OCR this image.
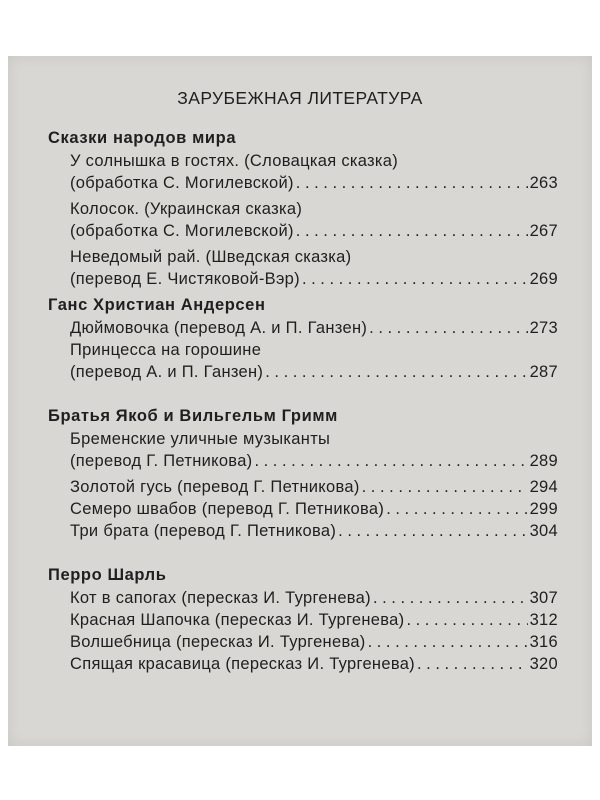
ЗАРУБЕЖНАЯ ЛИТЕРАТУРА
Сказки народов мира
У солнышка в гостях. (Словацкая сказка)
(обработка С. Могилевской) . . .	263
Колосок. (Украинская сказка)
(обработка С. Могилевской) . . .	267
Неведомый рай. (Шведская сказка)
(перевод Е. Чистяковой-Вэр) . . .	269
Ганс Христиан Андерсен
Дюймовочка (перевод А. и П. Ганзен) . . .	273
Принцесса на горошине
(перевод А. и П. Ганзен) . . .	287
Братья Якоб и Вильгельм Гримм
Бременские уличные музыканты
(перевод Г. Петникова) . . .	289
Золотой гусь (перевод Г. Петникова) . . .	294
Семеро швабов (перевод Г. Петникова) . . .	299
Три брата (перевод Г. Петникова) . . .	304
Перро Шарль
Кот в сапогах (пересказ И. Тургенева) . . .	307
Красная Шапочка (пересказ И. Тургенева) . . .	312
Волшебница (пересказ И. Тургенева) . . .	316
Спящая красавица (пересказ И. Тургенева) . . .	320
